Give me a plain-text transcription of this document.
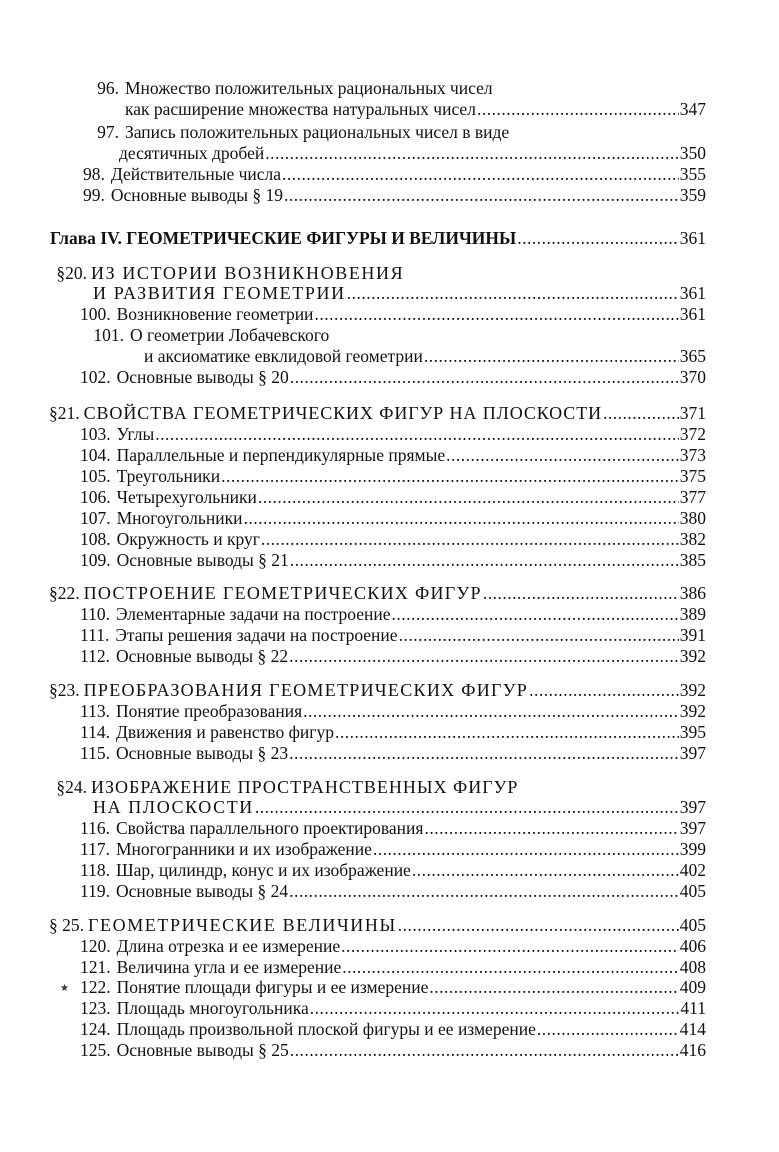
96. Множество положительных рациональных чисел
как расширение множества натуральных чисел .....	347
97. Запись положительных рациональных чисел в виде
десятичных дробей .....	350
98. Действительные числа .....	355
99. Основные выводы § 19 .....	359
Глава IV. ГЕОМЕТРИЧЕСКИЕ ФИГУРЫ И ВЕЛИЧИНЫ .....	361
§20. ИЗ ИСТОРИИ ВОЗНИКНОВЕНИЯ
И РАЗВИТИЯ ГЕОМЕТРИИ .....	361
100. Возникновение геометрии .....	361
101. О геометрии Лобачевского
и аксиоматике евклидовой геометрии .....	365
102. Основные выводы § 20 .....	370
§21. СВОЙСТВА ГЕОМЕТРИЧЕСКИХ ФИГУР НА ПЛОСКОСТИ .....	371
103. Углы .....	372
104. Параллельные и перпендикулярные прямые .....	373
105. Треугольники .....	375
106. Четырехугольники .....	377
107. Многоугольники .....	380
108. Окружность и круг .....	382
109. Основные выводы § 21 .....	385
§22. ПОСТРОЕНИЕ ГЕОМЕТРИЧЕСКИХ ФИГУР .....	386
110. Элементарные задачи на построение .....	389
111. Этапы решения задачи на построение .....	391
112. Основные выводы § 22 .....	392
§23. ПРЕОБРАЗОВАНИЯ ГЕОМЕТРИЧЕСКИХ ФИГУР .....	392
113. Понятие преобразования .....	392
114. Движения и равенство фигур .....	395
115. Основные выводы § 23 .....	397
§24. ИЗОБРАЖЕНИЕ ПРОСТРАНСТВЕННЫХ ФИГУР
НА ПЛОСКОСТИ .....	397
116. Свойства параллельного проектирования .....	397
117. Многогранники и их изображение .....	399
118. Шар, цилиндр, конус и их изображение .....	402
119. Основные выводы § 24 .....	405
§ 25. ГЕОМЕТРИЧЕСКИЕ ВЕЛИЧИНЫ .....	405
120. Длина отрезка и ее измерение .....	406
121. Величина угла и ее измерение .....	408
122. Понятие площади фигуры и ее измерение .....	409
123. Площадь многоугольника .....	411
124. Площадь произвольной плоской фигуры и ее измерение .....	414
125. Основные выводы § 25 .....	416
★
